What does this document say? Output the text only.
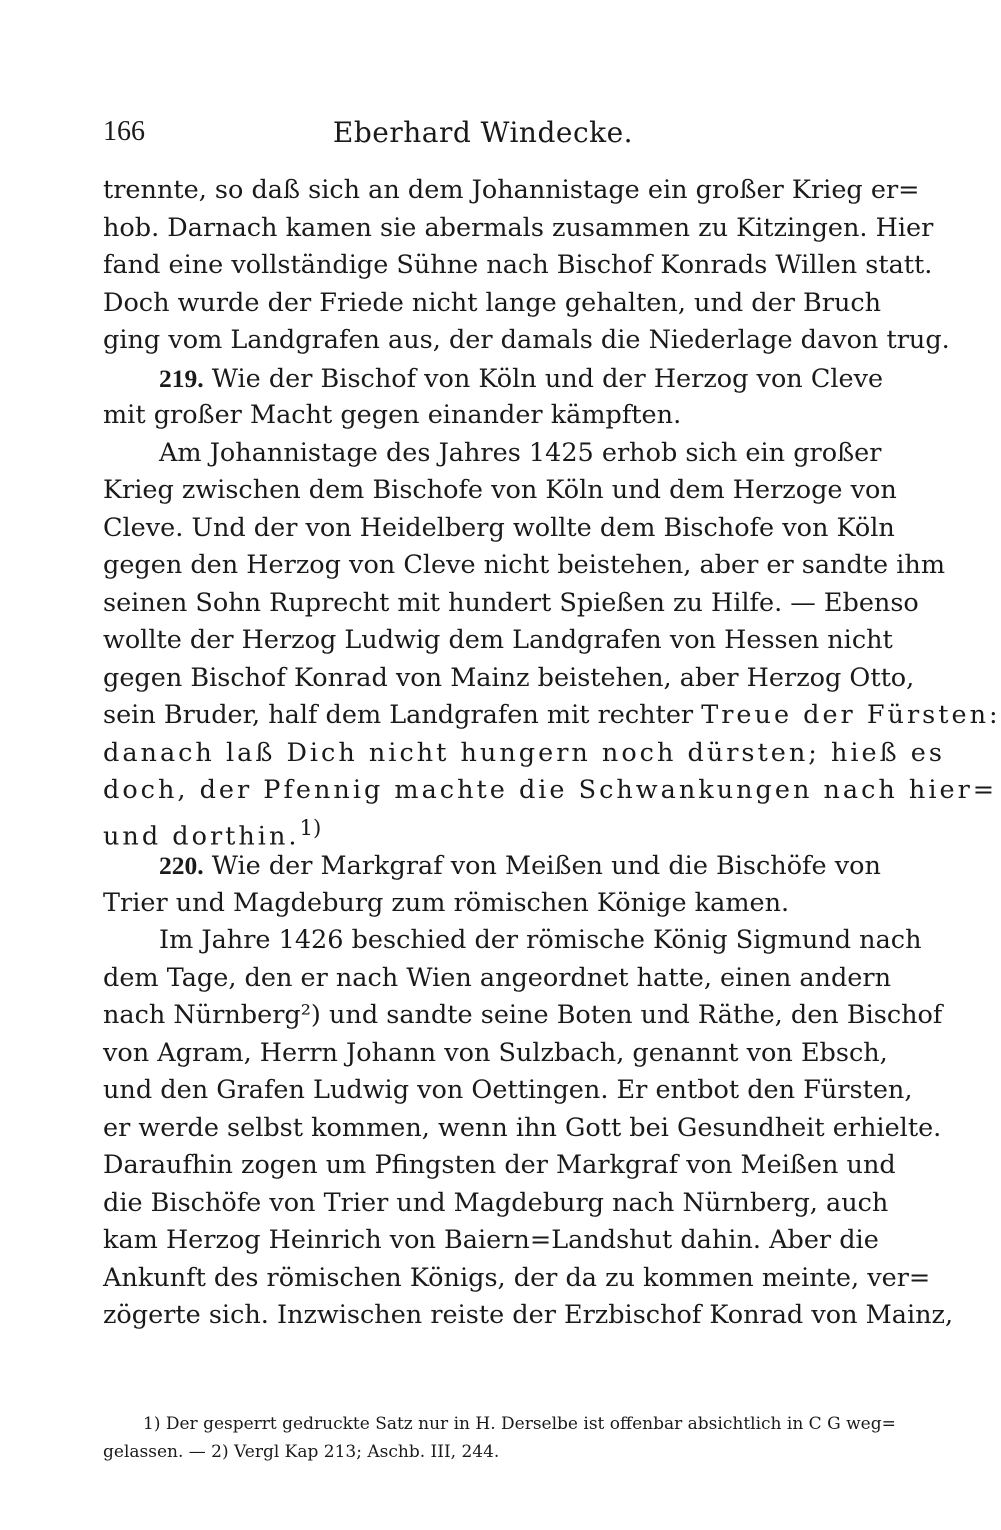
166	Eberhard Windecke.
trennte, so daß sich an dem Johannistage ein großer Krieg er=
hob. Darnach kamen sie abermals zusammen zu Kitzingen. Hier
fand eine vollständige Sühne nach Bischof Konrads Willen statt.
Doch wurde der Friede nicht lange gehalten, und der Bruch
ging vom Landgrafen aus, der damals die Niederlage davon trug.
219. Wie der Bischof von Köln und der Herzog von Cleve
mit großer Macht gegen einander kämpften.
Am Johannistage des Jahres 1425 erhob sich ein großer
Krieg zwischen dem Bischofe von Köln und dem Herzoge von
Cleve. Und der von Heidelberg wollte dem Bischofe von Köln
gegen den Herzog von Cleve nicht beistehen, aber er sandte ihm
seinen Sohn Ruprecht mit hundert Spießen zu Hilfe. — Ebenso
wollte der Herzog Ludwig dem Landgrafen von Hessen nicht
gegen Bischof Konrad von Mainz beistehen, aber Herzog Otto,
sein Bruder, half dem Landgrafen mit rechter Treue der Fürsten:
danach laß Dich nicht hungern noch dürsten; hieß es
doch, der Pfennig machte die Schwankungen nach hier=
und dorthin.$^{1)}$
220. Wie der Markgraf von Meißen und die Bischöfe von
Trier und Magdeburg zum römischen Könige kamen.
Im Jahre 1426 beschied der römische König Sigmund nach
dem Tage, den er nach Wien angeordnet hatte, einen andern
nach Nürnberg²) und sandte seine Boten und Räthe, den Bischof
von Agram, Herrn Johann von Sulzbach, genannt von Ebsch,
und den Grafen Ludwig von Oettingen. Er entbot den Fürsten,
er werde selbst kommen, wenn ihn Gott bei Gesundheit erhielte.
Daraufhin zogen um Pfingsten der Markgraf von Meißen und
die Bischöfe von Trier und Magdeburg nach Nürnberg, auch
kam Herzog Heinrich von Baiern=Landshut dahin. Aber die
Ankunft des römischen Königs, der da zu kommen meinte, ver=
zögerte sich. Inzwischen reiste der Erzbischof Konrad von Mainz,
1) Der gesperrt gedruckte Satz nur in H. Derselbe ist offenbar absichtlich in C G weg=
gelassen. — 2) Vergl Kap 213; Aschb. III, 244.
